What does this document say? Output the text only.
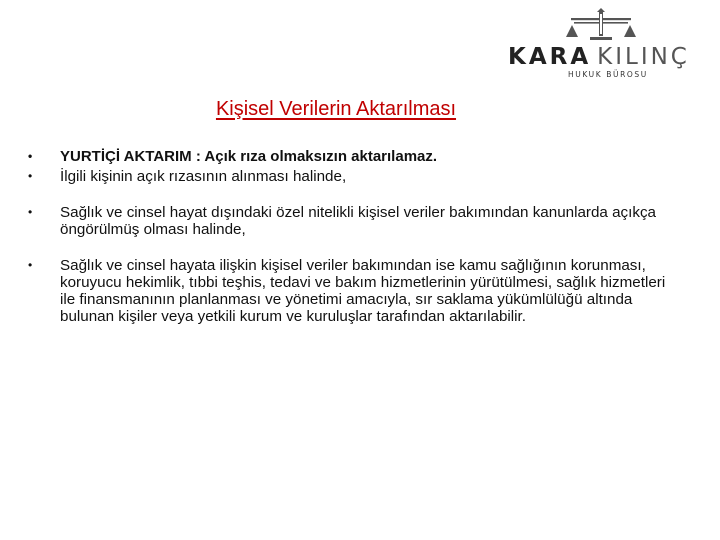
KARA KILINÇ
HUKUK BÜROSU
Kişisel Verilerin Aktarılması
• YURTİÇİ AKTARIM : Açık rıza olmaksızın aktarılamaz.
• İlgili kişinin açık rızasının alınması halinde,
• Sağlık ve cinsel hayat dışındaki özel nitelikli kişisel veriler bakımından kanunlarda açıkça öngörülmüş olması halinde,
• Sağlık ve cinsel hayata ilişkin kişisel veriler bakımından ise kamu sağlığının korunması, koruyucu hekimlik, tıbbi teşhis, tedavi ve bakım hizmetlerinin yürütülmesi, sağlık hizmetleri ile finansmanının planlanması ve yönetimi amacıyla, sır saklama yükümlülüğü altında bulunan kişiler veya yetkili kurum ve kuruluşlar tarafından aktarılabilir.
